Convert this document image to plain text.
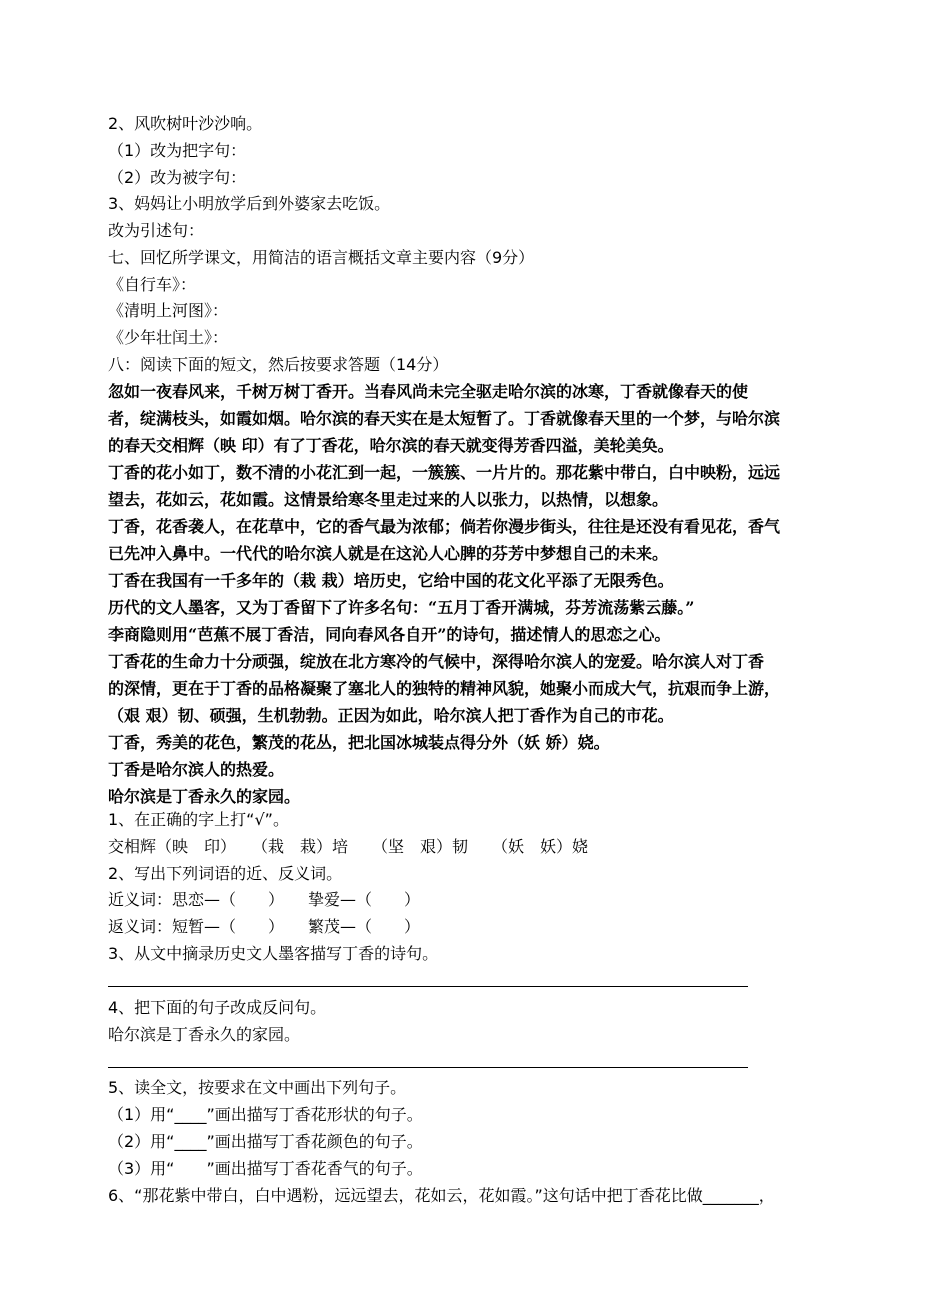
2、风吹树叶沙沙响。
（1）改为把字句：
（2）改为被字句：
3、妈妈让小明放学后到外婆家去吃饭。
改为引述句：
七、回忆所学课文，用简洁的语言概括文章主要内容（9分）
《自行车》：
《清明上河图》：
《少年壮闰土》：
八：阅读下面的短文，然后按要求答题（14分）
忽如一夜春风来，千树万树丁香开。当春风尚未完全驱走哈尔滨的冰寒，丁香就像春天的使
者，绽满枝头，如霞如烟。哈尔滨的春天实在是太短暂了。丁香就像春天里的一个梦，与哈尔滨
的春天交相辉（映 印）有了丁香花，哈尔滨的春天就变得芳香四溢，美轮美奂。
丁香的花小如丁，数不清的小花汇到一起，一簇簇、一片片的。那花紫中带白，白中映粉，远远
望去，花如云，花如霞。这情景给寒冬里走过来的人以张力，以热情，以想象。
丁香，花香袭人，在花草中，它的香气最为浓郁；倘若你漫步街头，往往是还没有看见花，香气
已先冲入鼻中。一代代的哈尔滨人就是在这沁人心脾的芬芳中梦想自己的未来。
丁香在我国有一千多年的（栽 栽）培历史，它给中国的花文化平添了无限秀色。
历代的文人墨客，又为丁香留下了许多名句：“五月丁香开满城，芬芳流荡紫云藤。”
李商隐则用“芭蕉不展丁香洁，同向春风各自开”的诗句，描述情人的思恋之心。
丁香花的生命力十分顽强，绽放在北方寒冷的气候中，深得哈尔滨人的宠爱。哈尔滨人对丁香
的深情，更在于丁香的品格凝聚了塞北人的独特的精神风貌，她聚小而成大气，抗艰而争上游，
（艰 艰）韧、硕强，生机勃勃。正因为如此，哈尔滨人把丁香作为自己的市花。
丁香，秀美的花色，繁茂的花丛，把北国冰城装点得分外（妖 娇）娆。
丁香是哈尔滨人的热爱。
哈尔滨是丁香永久的家园。
1、在正确的字上打“√”。
交相辉（映　印）　　（栽　栽）培　　（坚　艰）韧　　（妖　妖）娆
2、写出下列词语的近、反义词。
近义词：思恋—（　　）　　挚爱—（　　）
返义词：短暂—（　　）　　繁茂—（　　）
3、从文中摘录历史文人墨客描写丁香的诗句。
4、把下面的句子改成反问句。
哈尔滨是丁香永久的家园。
5、读全文，按要求在文中画出下列句子。
（1）用“____”画出描写丁香花形状的句子。
（2）用“____”画出描写丁香花颜色的句子。
（3）用“　　”画出描写丁香花香气的句子。
6、“那花紫中带白，白中遇粉，远远望去，花如云，花如霞。”这句话中把丁香花比做_______，
